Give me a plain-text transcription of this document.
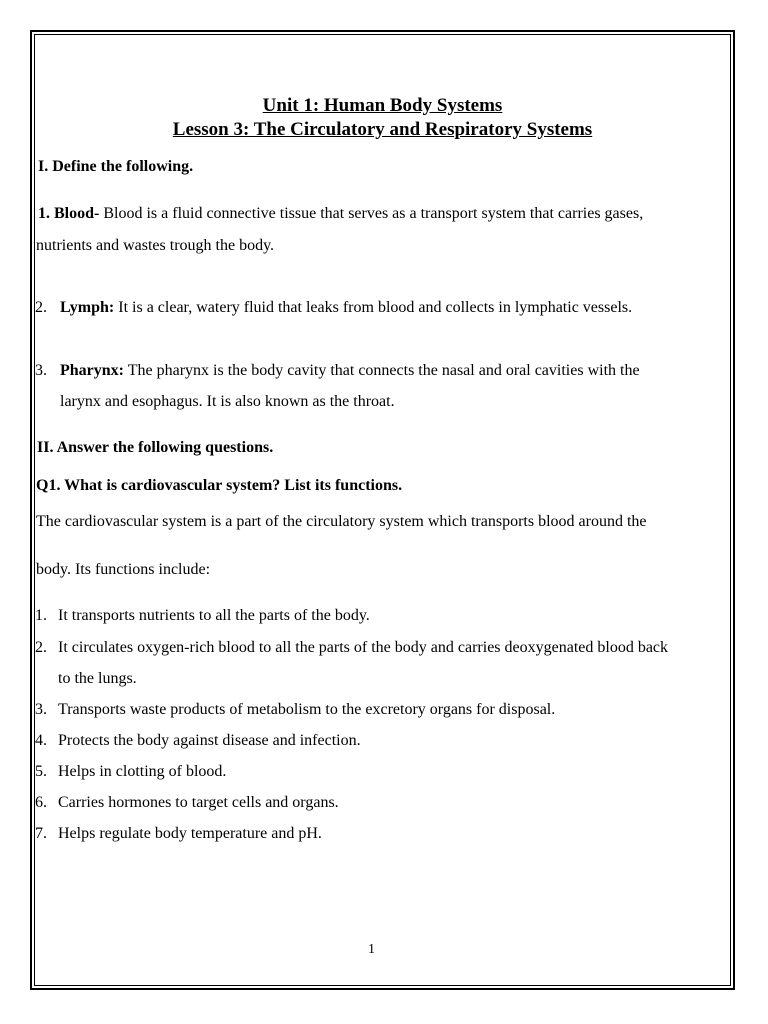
Unit 1: Human Body Systems
Lesson 3: The Circulatory and Respiratory Systems
I. Define the following.
1. Blood- Blood is a fluid connective tissue that serves as a transport system that carries gases,
nutrients and wastes trough the body.
2. Lymph: It is a clear, watery fluid that leaks from blood and collects in lymphatic vessels.
3. Pharynx: The pharynx is the body cavity that connects the nasal and oral cavities with the
larynx and esophagus. It is also known as the throat.
II. Answer the following questions.
Q1. What is cardiovascular system? List its functions.
The cardiovascular system is a part of the circulatory system which transports blood around the
body. Its functions include:
1. It transports nutrients to all the parts of the body.
2. It circulates oxygen-rich blood to all the parts of the body and carries deoxygenated blood back
to the lungs.
3. Transports waste products of metabolism to the excretory organs for disposal.
4. Protects the body against disease and infection.
5. Helps in clotting of blood.
6. Carries hormones to target cells and organs.
7. Helps regulate body temperature and pH.
1
